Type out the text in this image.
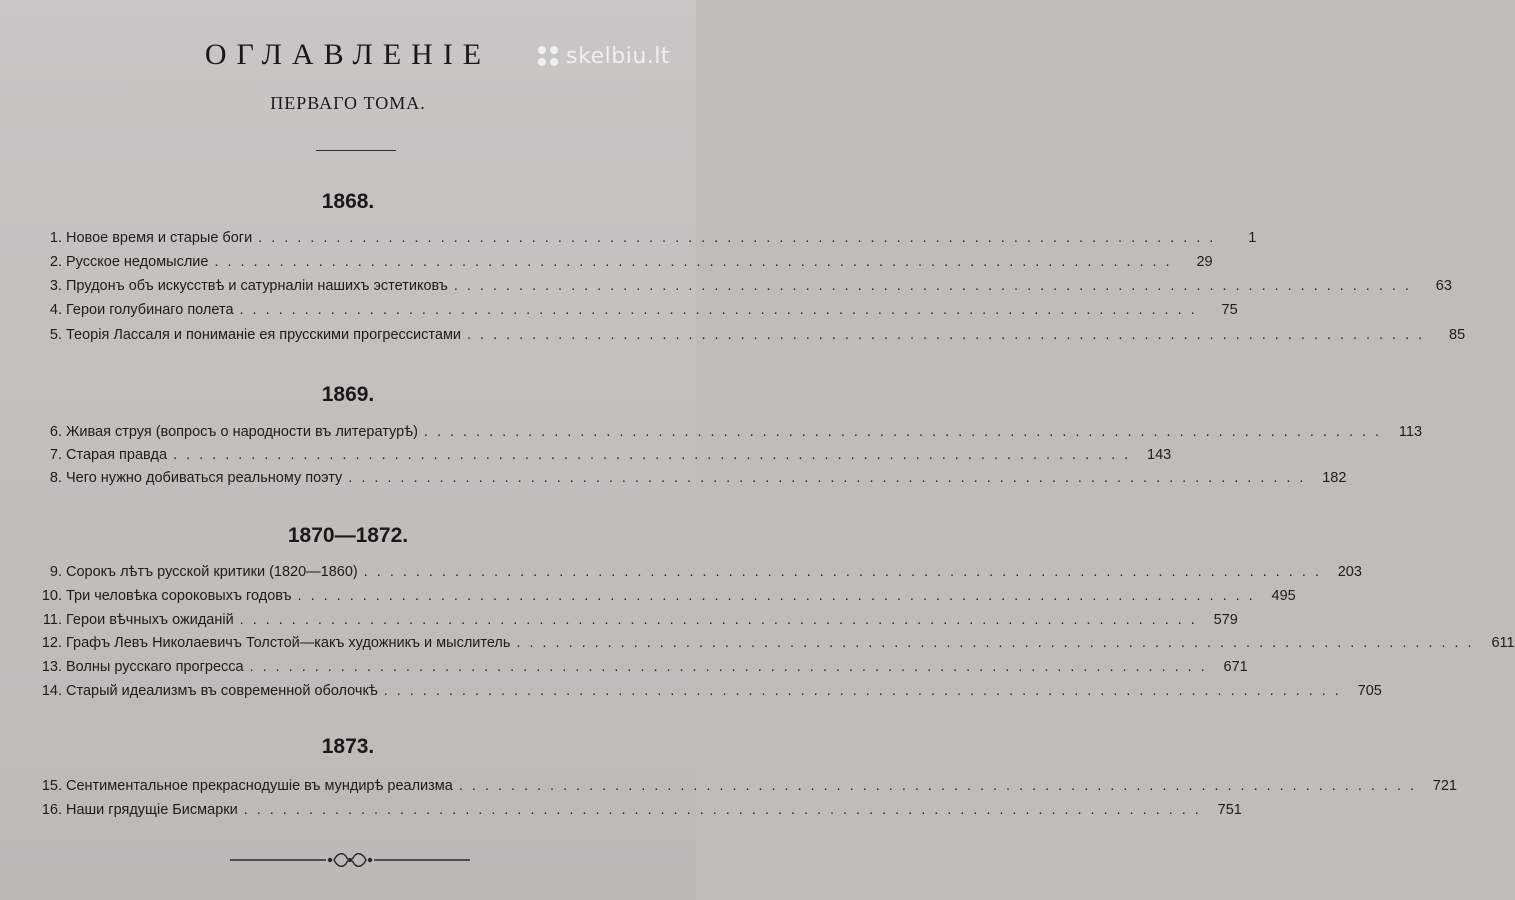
skelbiu.lt
ОГЛАВЛЕНIЕ
ПЕРВАГО ТОМА.
1868.
1. Новое время и старые боги ..........................................................................	1
2. Русское недомыслие ..........................................................................	29
3. Прудонъ объ искусствѣ и сатурналіи нашихъ эстетиковъ ..........................................................................	63
4. Герои голубинаго полета ..........................................................................	75
5. Теорія Лассаля и пониманіе ея прусскими прогрессистами ..........................................................................	85
1869.
6. Живая струя (вопросъ о народности въ литературѣ) .......................................................................... 113
7. Старая правда .......................................................................... 143
8. Чего нужно добиваться реальному поэту .......................................................................... 182
1870—1872.
9. Сорокъ лѣтъ русской критики (1820—1860) .......................................................................... 203
10. Три человѣка сороковыхъ годовъ .......................................................................... 495
11. Герои вѣчныхъ ожиданій .......................................................................... 579
12. Графъ Левъ Николаевичъ Толстой—какъ художникъ и мыслитель .......................................................................... 611
13. Волны русскаго прогресса .......................................................................... 671
14. Старый идеализмъ въ современной оболочкѣ .......................................................................... 705
1873.
15. Сентиментальное прекраснодушіе въ мундирѣ реализма .......................................................................... 721
16. Наши грядущіе Бисмарки .......................................................................... 751
